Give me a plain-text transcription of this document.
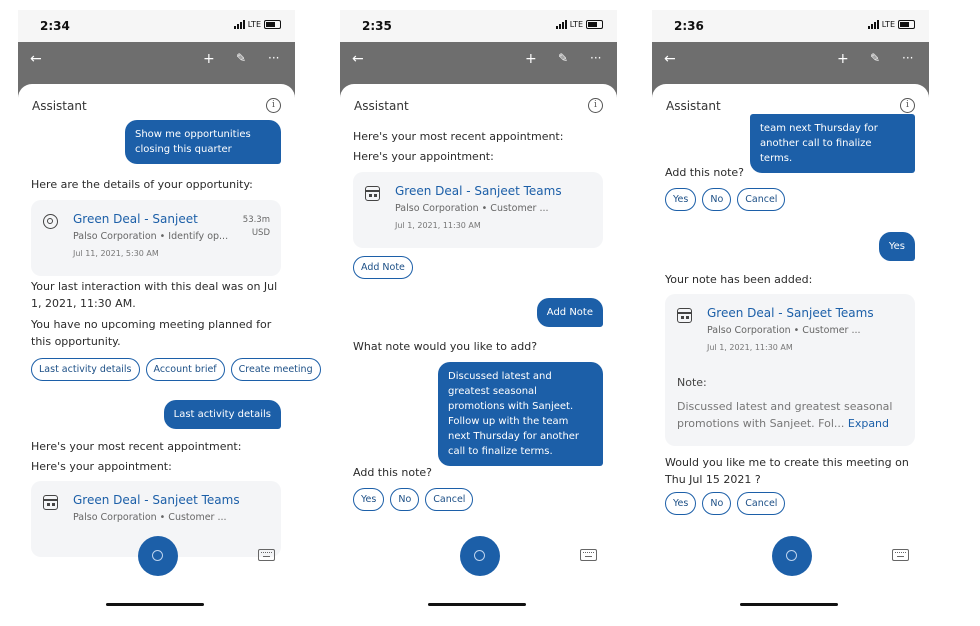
2:34	LTE
←	+ ✎ ···
Assistant	i
Show me opportunities closing this quarter
Here are the details of your opportunity:
Green Deal - Sanjeet
Palso Corporation • Identify op...
Jul 11, 2021, 5:30 AM
53.3m
USD
Your last interaction with this deal was on Jul 1, 2021, 11:30 AM.
You have no upcoming meeting planned for this opportunity.
Last activity details	Account brief	Create meeting
Last activity details
Here's your most recent appointment:
Here's your appointment:
Green Deal - Sanjeet Teams
Palso Corporation • Customer ...
2:35	LTE
←	+ ✎ ···
Assistant	i
Here's your most recent appointment:
Here's your appointment:
Green Deal - Sanjeet Teams
Palso Corporation • Customer ...
Jul 1, 2021, 11:30 AM
Add Note
Add Note
What note would you like to add?
Discussed latest and greatest seasonal promotions with Sanjeet. Follow up with the team next Thursday for another call to finalize terms.
Add this note?
Yes	No	Cancel
2:36	LTE
←	+ ✎ ···
Assistant	i
team next Thursday for another call to finalize terms.
Add this note?
Yes	No	Cancel
Yes
Your note has been added:
Green Deal - Sanjeet Teams
Palso Corporation • Customer ...
Jul 1, 2021, 11:30 AM
Note:
Discussed latest and greatest seasonal promotions with Sanjeet. Fol... Expand
Would you like me to create this meeting on Thu Jul 15 2021 ?
Yes	No	Cancel
